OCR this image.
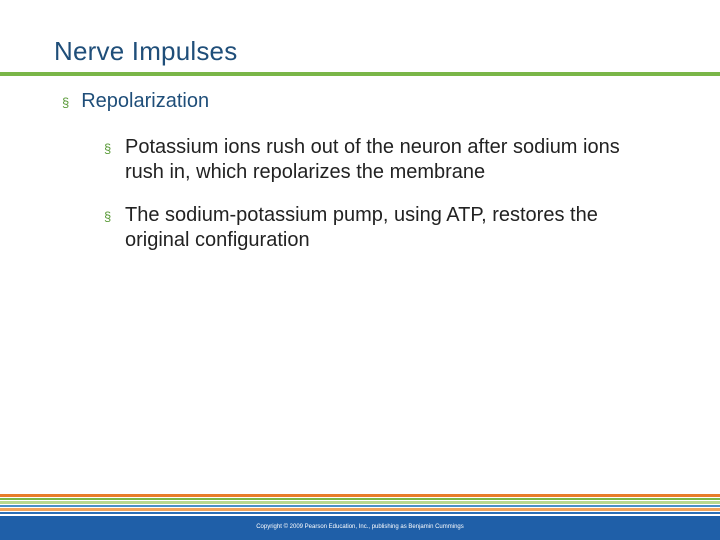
Nerve Impulses
§ Repolarization
§ Potassium ions rush out of the neuron after sodium ions rush in, which repolarizes the membrane
§ The sodium-potassium pump, using ATP, restores the original configuration
Copyright © 2009 Pearson Education, Inc., publishing as Benjamin Cummings
